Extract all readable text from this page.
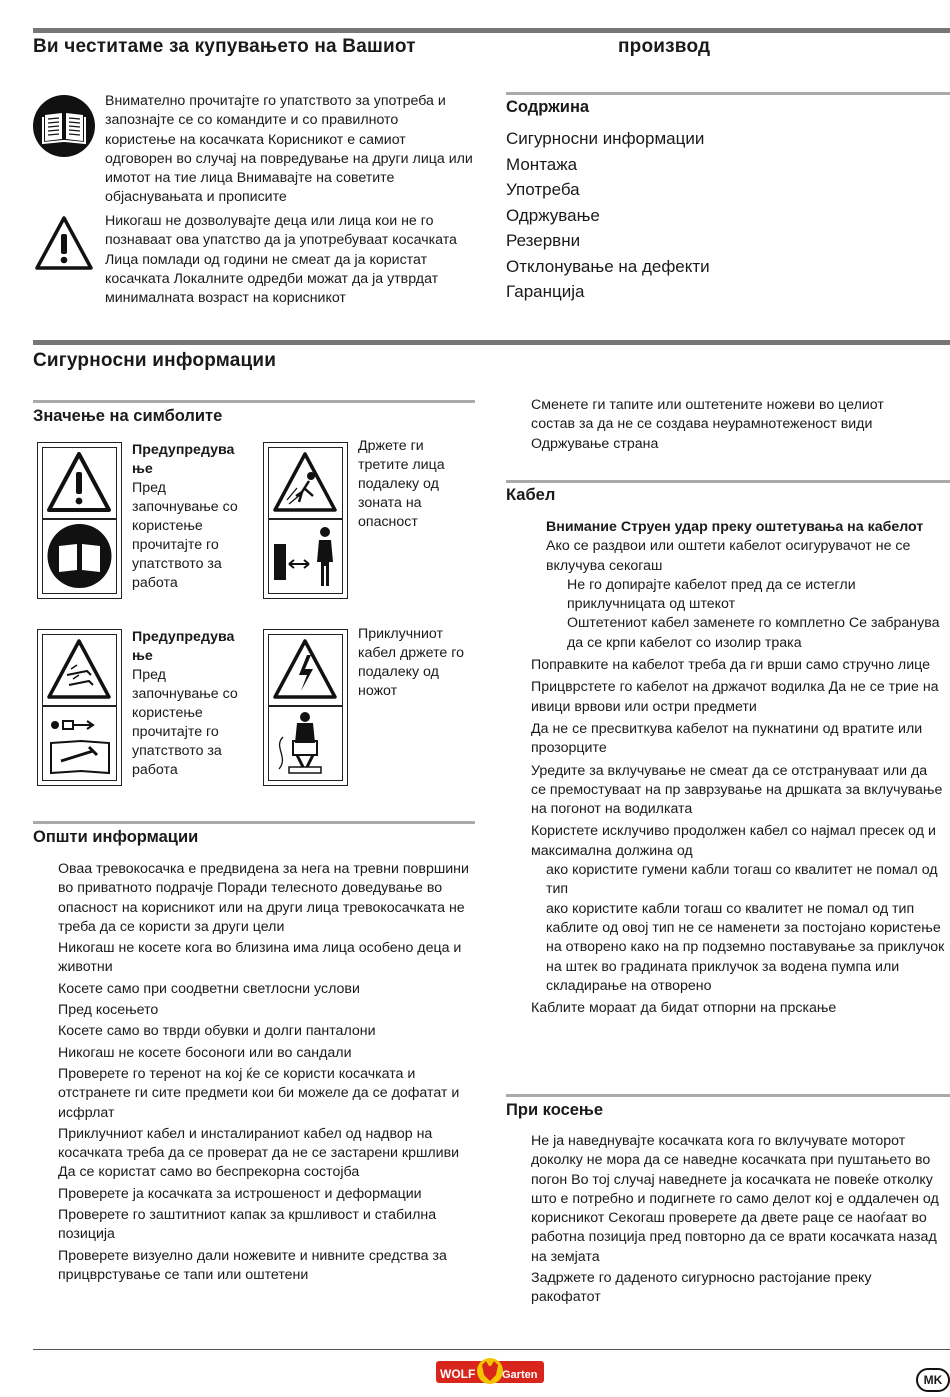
Ви честитаме за купувањето на Вашиот	производ
Внимателно прочитајте го упатството за употреба и запознајте се со командите и со правилното користење на косачката Корисникот е самиот одговорен во случај на повредување на други лица или имотот на тие лица Внимавајте на советите објаснувањата и прописите
Никогаш не дозволувајте деца или лица кои не го познаваат ова упатство да ја употребуваат косачката Лица помлади од години не смеат да ја користат косачката Локалните одредби можат да ја утврдат минималната возраст на корисникот
Содржина
Сигурносни информации
Монтажа
Употреба
Одржување
Резервни
Отклонување на дефекти
Гаранција
Сигурносни информации
Значење на симболите
Предупредува
ње
Пред започнување со користење прочитајте го упатството за работа
Држете ги третите лица подалеку од зоната на опасност
Предупредува
ње
Пред започнување со користење прочитајте го упатството за работа
Приклучниот кабел држете го подалеку од ножот
Општи информации

Оваа тревокосачка е предвидена за нега на тревни површини во приватното подрачје Поради телесното доведување во опасност на корисникот или на други лица тревокосачката не треба да се користи за други цели

Никогаш не косете кога во близина има лица особено деца и животни

Косете само при соодветни светлосни услови

Пред косењето

Косете само во тврди обувки и долги панталони

Никогаш не косете босоноги или во сандали

Проверете го теренот на кој ќе се користи косачката и отстранете ги сите предмети кои би можеле да се дофатат и исфрлат

Приклучниот кабел и инсталираниот кабел од надвор на косачката треба да се проверат да не се застарени кршливи Да се користат само во беспрекорна состојба

Проверете ја косачката за истрошеност и деформации

Проверете го заштитниот капак за кршливост и стабилна позиција

Проверете визуелно дали ножевите и нивните средства за прицврстување се тапи или оштетени

Сменете ги тапите или оштетените ножеви во целиот состав за да не се создава неурамнотеженост види Одржување страна
Кабел

Внимание Струен удар преку оштетувања на кабелот

Ако се раздвои или оштети кабелот осигурувачот не се вклучува секогаш

Не го допирајте кабелот пред да се истегли приклучницата од штекот

Оштетениот кабел заменете го комплетно Се забранува да се крпи кабелот со изолир трака

Поправките на кабелот треба да ги врши само стручно лице

Прицврстете го кабелот на држачот водилка Да не се трие на ивици врвови или остри предмети

Да не се пресвиткува кабелот на пукнатини од вратите или прозорците

Уредите за вклучување не смеат да се отстрануваат или да се премостуваат на пр заврзување на дршката за вклучување на погонот на водилката

Користете исклучиво продолжен кабел со најмал пресек од и максимална должина од

ако користите гумени кабли тогаш со квалитет не помал од тип

ако користите кабли тогаш со квалитет не помал од тип каблите од овој тип не се наменети за постојано користење на отворено како на пр подземно поставување за приклучок на штек во градината приклучок за водена пумпа или складирање на отворено

Каблите мораат да бидат отпорни на прскање

При косење

Не ја наведнувајте косачката кога го вклучувате моторот доколку не мора да се наведне косачката при пуштањето во погон Во тој случај наведнете ја косачката не повеќе отколку што е потребно и подигнете го само делот кој е оддалечен од корисникот Секогаш проверете да двете раце се наоѓаат во работна позиција пред повторно да се врати косачката назад на земјата

Задржете го даденото сигурносно растојание преку ракофатот

WOLF Garten	MK
